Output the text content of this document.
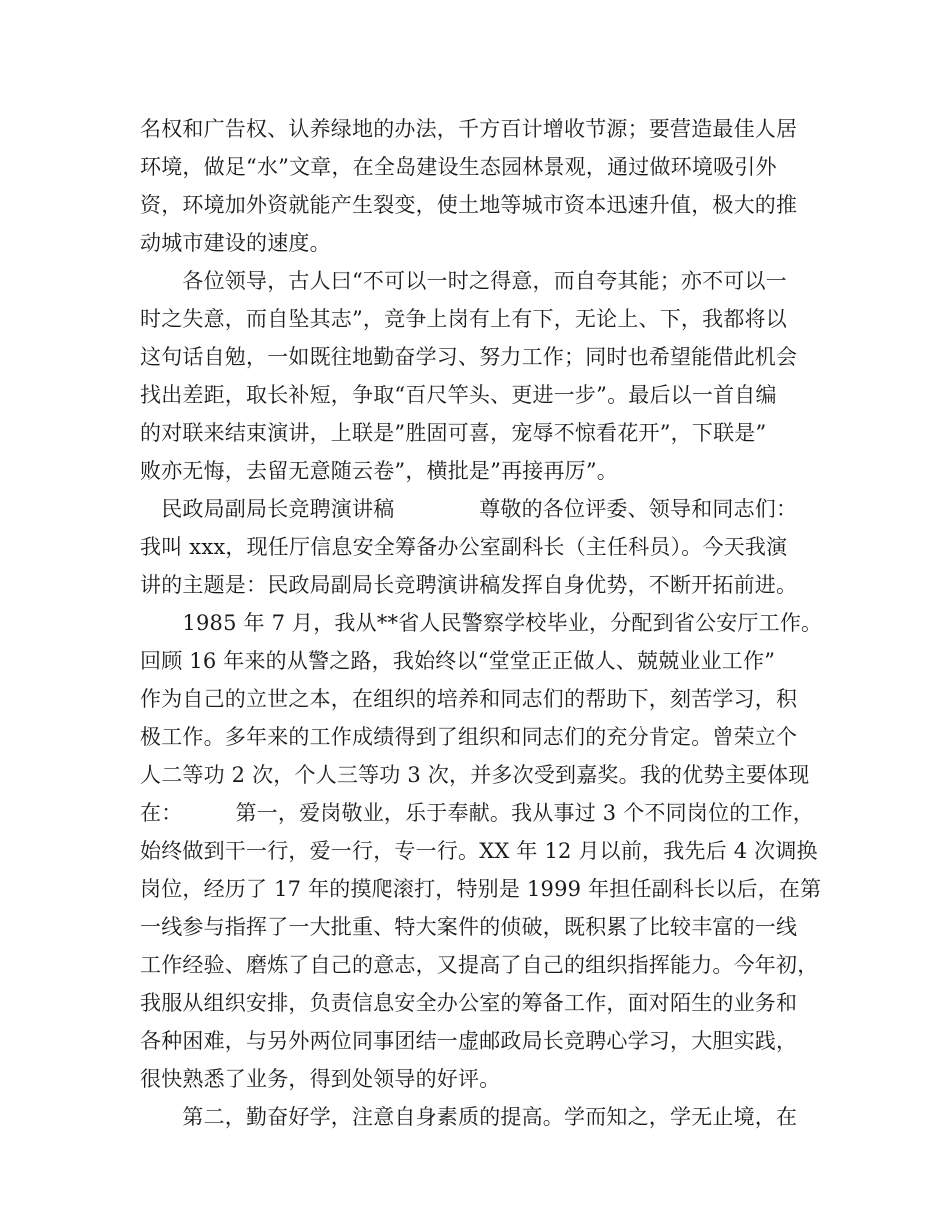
名权和广告权、认养绿地的办法，千方百计增收节源；要营造最佳人居
环境，做足“水”文章，在全岛建设生态园林景观，通过做环境吸引外
资，环境加外资就能产生裂变，使土地等城市资本迅速升值，极大的推
动城市建设的速度。
　　各位领导，古人曰“不可以一时之得意，而自夸其能；亦不可以一
时之失意，而自坠其志”，竞争上岗有上有下，无论上、下，我都将以
这句话自勉，一如既往地勤奋学习、努力工作；同时也希望能借此机会
找出差距，取长补短，争取“百尺竿头、更进一步”。最后以一首自编
的对联来结束演讲，上联是”胜固可喜，宠辱不惊看花开”，下联是”
败亦无悔，去留无意随云卷”，横批是”再接再厉”。
　民政局副局长竞聘演讲稿　　　　尊敬的各位评委、领导和同志们：
我叫 xxx，现任厅信息安全筹备办公室副科长（主任科员）。今天我演
讲的主题是：民政局副局长竞聘演讲稿发挥自身优势，不断开拓前进。
　　1985 年 7 月，我从**省人民警察学校毕业，分配到省公安厅工作。
回顾 16 年来的从警之路，我始终以“堂堂正正做人、兢兢业业工作”
作为自己的立世之本，在组织的培养和同志们的帮助下，刻苦学习，积
极工作。多年来的工作成绩得到了组织和同志们的充分肯定。曾荣立个
人二等功 2 次，个人三等功 3 次，并多次受到嘉奖。我的优势主要体现
在：　　　第一，爱岗敬业，乐于奉献。我从事过 3 个不同岗位的工作，
始终做到干一行，爱一行，专一行。XX 年 12 月以前，我先后 4 次调换
岗位，经历了 17 年的摸爬滚打，特别是 1999 年担任副科长以后，在第
一线参与指挥了一大批重、特大案件的侦破，既积累了比较丰富的一线
工作经验、磨炼了自己的意志，又提高了自己的组织指挥能力。今年初，
我服从组织安排，负责信息安全办公室的筹备工作，面对陌生的业务和
各种困难，与另外两位同事团结一虚邮政局长竞聘心学习，大胆实践，
很快熟悉了业务，得到处领导的好评。
　　第二，勤奋好学，注意自身素质的提高。学而知之，学无止境，在
